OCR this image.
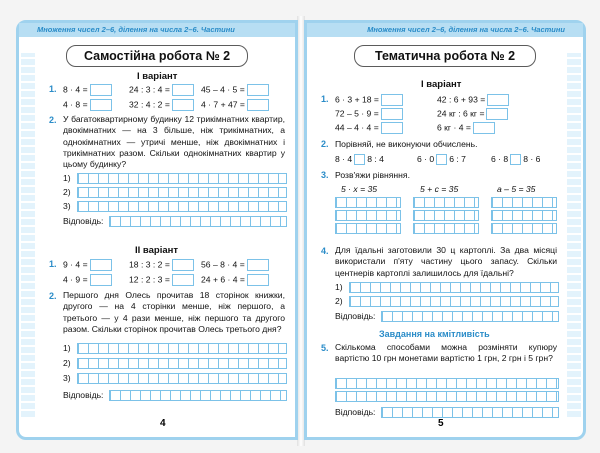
Множення чисел 2–6, ділення на числа 2–6. Частини
Самостійна робота № 2
I варіант
1. 8 · 4 =	24 : 3 : 4 =	45 – 4 · 5 =
4 · 8 =	32 : 4 : 2 =	4 · 7 + 47 =
2. У багатоквартирному будинку 12 трикімнатних квартир, двокімнатних — на 3 більше, ніж трикімнатних, а однокімнатних — утричі менше, ніж двокімнатних і трикімнатних разом. Скільки однокімнатних квартир у цьому будинку?
1)
2)
3)
Відповідь:
II варіант
1. 9 · 4 =	18 : 3 : 2 =	56 – 8 · 4 =
4 · 9 =	12 : 2 : 3 =	24 + 6 · 4 =
2. Першого дня Олесь прочитав 18 сторінок книжки, другого — на 4 сторінки менше, ніж першого, а третього — у 4 рази менше, ніж першого та другого разом. Скільки сторінок прочитав Олесь третього дня?
1)
2)
3)
Відповідь:
4
Множення чисел 2–6, ділення на числа 2–6. Частини
Тематична робота № 2
I варіант
1. 6 · 3 + 18 =	42 : 6 + 93 =
72 – 5 · 9 =	24 кг : 6 кг =
44 – 4 · 4 =	6 кг · 4 =
2. Порівняй, не виконуючи обчислень.
8 · 4 8 : 4	6 · 0 6 : 7	6 · 8 8 · 6
3. Розв'яжи рівняння.
5 · x = 35	5 + c = 35	a – 5 = 35
4. Для їдальні заготовили 30 ц картоплі. За два місяці використали п'яту частину цього запасу. Скільки центнерів картоплі залишилось для їдальні?
1)
2)
Відповідь:
Завдання на кмітливість
5. Скількома способами можна розміняти купюру вартістю 10 грн монетами вартістю 1 грн, 2 грн і 5 грн?
Відповідь:
5
